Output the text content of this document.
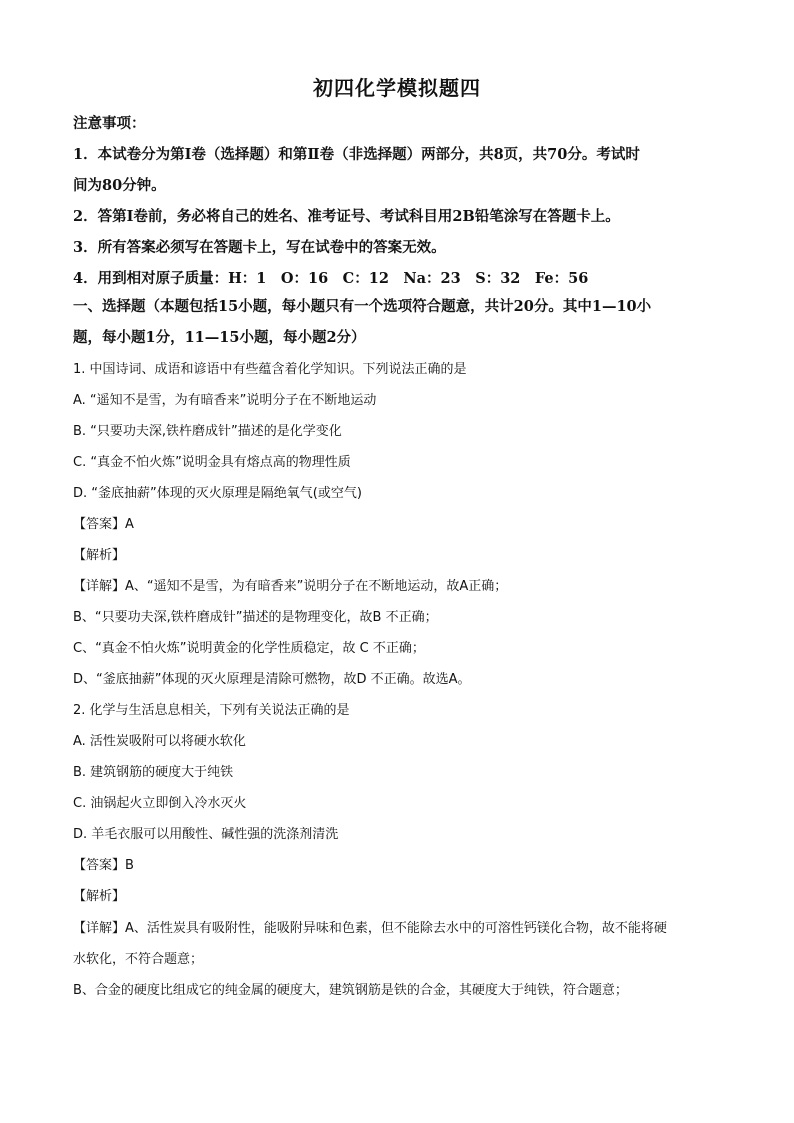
初四化学模拟题四
注意事项：
1．本试卷分为第Ⅰ卷（选择题）和第Ⅱ卷（非选择题）两部分，共8页，共70分。考试时
间为80分钟。
2．答第Ⅰ卷前，务必将自己的姓名、准考证号、考试科目用2B铅笔涂写在答题卡上。
3．所有答案必须写在答题卡上，写在试卷中的答案无效。
4．用到相对原子质量：H：1　O：16　C：12　Na：23　S：32　Fe：56
一、选择题（本题包括15小题，每小题只有一个选项符合题意，共计20分。其中1—10小
题，每小题1分，11—15小题，每小题2分）
1. 中国诗词、成语和谚语中有些蕴含着化学知识。下列说法正确的是
A. “遥知不是雪，为有暗香来”说明分子在不断地运动
B. “只要功夫深,铁杵磨成针”描述的是化学变化
C. “真金不怕火炼”说明金具有熔点高的物理性质
D. “釜底抽薪”体现的灭火原理是隔绝氧气(或空气)
【答案】A
【解析】
【详解】A、“遥知不是雪，为有暗香来”说明分子在不断地运动，故A正确；
B、“只要功夫深,铁杵磨成针”描述的是物理变化，故B 不正确；
C、“真金不怕火炼”说明黄金的化学性质稳定，故 C 不正确；
D、“釜底抽薪”体现的灭火原理是清除可燃物，故D 不正确。故选A。
2. 化学与生活息息相关，下列有关说法正确的是
A. 活性炭吸附可以将硬水软化
B. 建筑钢筋的硬度大于纯铁
C. 油锅起火立即倒入冷水灭火
D. 羊毛衣服可以用酸性、碱性强的洗涤剂清洗
【答案】B
【解析】
【详解】A、活性炭具有吸附性，能吸附异味和色素，但不能除去水中的可溶性钙镁化合物，故不能将硬
水软化，不符合题意；
B、合金的硬度比组成它的纯金属的硬度大，建筑钢筋是铁的合金，其硬度大于纯铁，符合题意；
